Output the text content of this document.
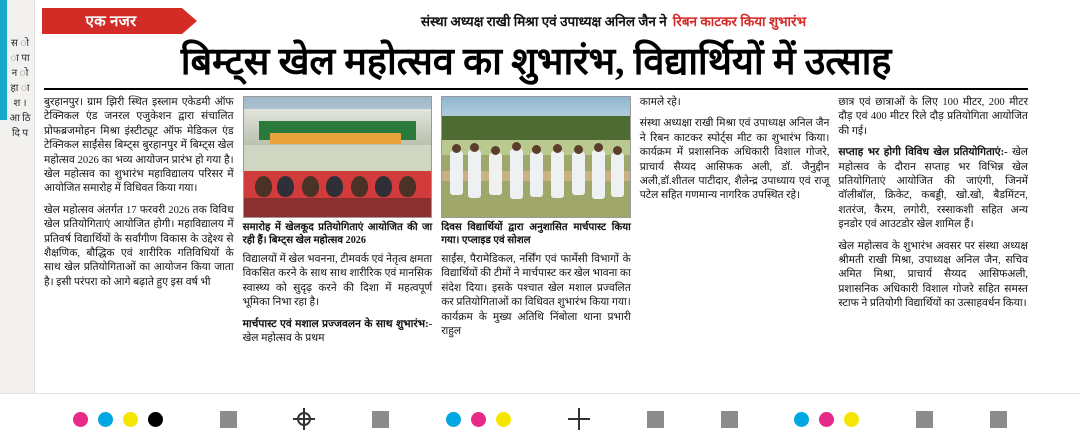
स ो ा पा न ो हा ा श । आ ठि दि प
एक नजर	संस्था अध्यक्ष राखी मिश्रा एवं उपाध्यक्ष अनिल जैन ने रिबन काटकर किया शुभारंभ
बिम्ट्स खेल महोत्सव का शुभारंभ, विद्यार्थियों में उत्साह

बुरहानपुर। ग्राम झिरी स्थित इस्लाम एकेडमी ऑफ टेक्निकल एंड जनरल एजुकेशन द्वारा संचालित प्रोफब्रजमोहन मिश्रा इंस्टीट्यूट ऑफ मेडिकल एंड टेक्निकल साईंसेस बिम्ट्स बुरहानपुर में बिम्ट्स खेल महोत्सव 2026 का भव्य आयोजन प्रारंभ हो गया है। खेल महोत्सव का शुभारंभ महाविद्यालय परिसर में आयोजित समारोह में विधिवत किया गया।

खेल महोत्सव अंतर्गत 17 फरवरी 2026 तक विविध खेल प्रतियोगिताएं आयोजित होगी। महाविद्यालय में प्रतिवर्ष विद्यार्थियों के सर्वांगीण विकास के उद्देश्य से शैक्षणिक, बौद्धिक एवं शारीरिक गतिविधियों के साथ खेल प्रतियोगिताओं का आयोजन किया जाता है। इसी परंपरा को आगे बढ़ाते हुए इस वर्ष भी

समारोह में खेलकूद प्रतियोगिताएं आयोजित की जा रही हैं। बिम्ट्स खेल महोत्सव 2026

विद्यालयों में खेल भवनना, टीमवर्क एवं नेतृत्व क्षमता विकसित करने के साथ साथ शारीरिक एवं मानसिक स्वास्थ्य को सुदृढ़ करने की दिशा में महत्वपूर्ण भूमिका निभा रहा है।

मार्चपास्ट एवं मशाल प्रज्जवलन के साथ शुभारंभ:- खेल महोत्सव के प्रथम

दिवस विद्यार्थियों द्वारा अनुशासित मार्चपास्ट किया गया। एप्लाइड एवं सोशल

साईंस, पैरामेडिकल, नर्सिंग एवं फार्मेसी विभागों के विद्यार्थियों की टीमों ने मार्चपास्ट कर खेल भावना का संदेश दिया। इसके पश्चात खेल मशाल प्रज्वलित कर प्रतियोगिताओं का विधिवत शुभारंभ किया गया। कार्यक्रम के मुख्य अतिथि निंबोला थाना प्रभारी राहुल

कामले रहे।

संस्था अध्यक्षा राखी मिश्रा एवं उपाध्यक्ष अनिल जैन ने रिबन काटकर स्पोर्ट्स मीट का शुभारंभ किया। कार्यक्रम में प्रशासनिक अधिकारी विशाल गोजरे, प्राचार्य सैय्यद आसिफक अली, डॉ. जैनुद्दीन अली,डॉ.शीतल पाटीदार, शैलेन्द्र उपाध्याय एवं राजू पटेल सहित गणमान्य नागरिक उपस्थित रहे।

छात्र एवं छात्राओं के लिए 100 मीटर, 200 मीटर दौड़ एवं 400 मीटर रिले दौड़ प्रतियोगिता आयोजित की गई।

सप्ताह भर होगी विविध खेल प्रतियोगिताएं:- खेल महोत्सव के दौरान सप्ताह भर विभिन्न खेल प्रतियोगिताएं आयोजित की जाएंगी, जिनमें वॉलीबॉल, क्रिकेट, कबड्डी, खो.खो, बैडमिंटन, शतरंज, कैरम, लगोरी, रस्साकशी सहित अन्य इनडोर एवं आउटडोर खेल शामिल हैं।

खेल महोत्सव के शुभारंभ अवसर पर संस्था अध्यक्ष श्रीमती राखी मिश्रा, उपाध्यक्ष अनिल जैन, सचिव अमित मिश्रा, प्राचार्य सैय्यद आसिफअली, प्रशासनिक अधिकारी विशाल गोजरे सहित समस्त स्टाफ ने प्रतियोगी विद्यार्थियों का उत्साहवर्धन किया।
